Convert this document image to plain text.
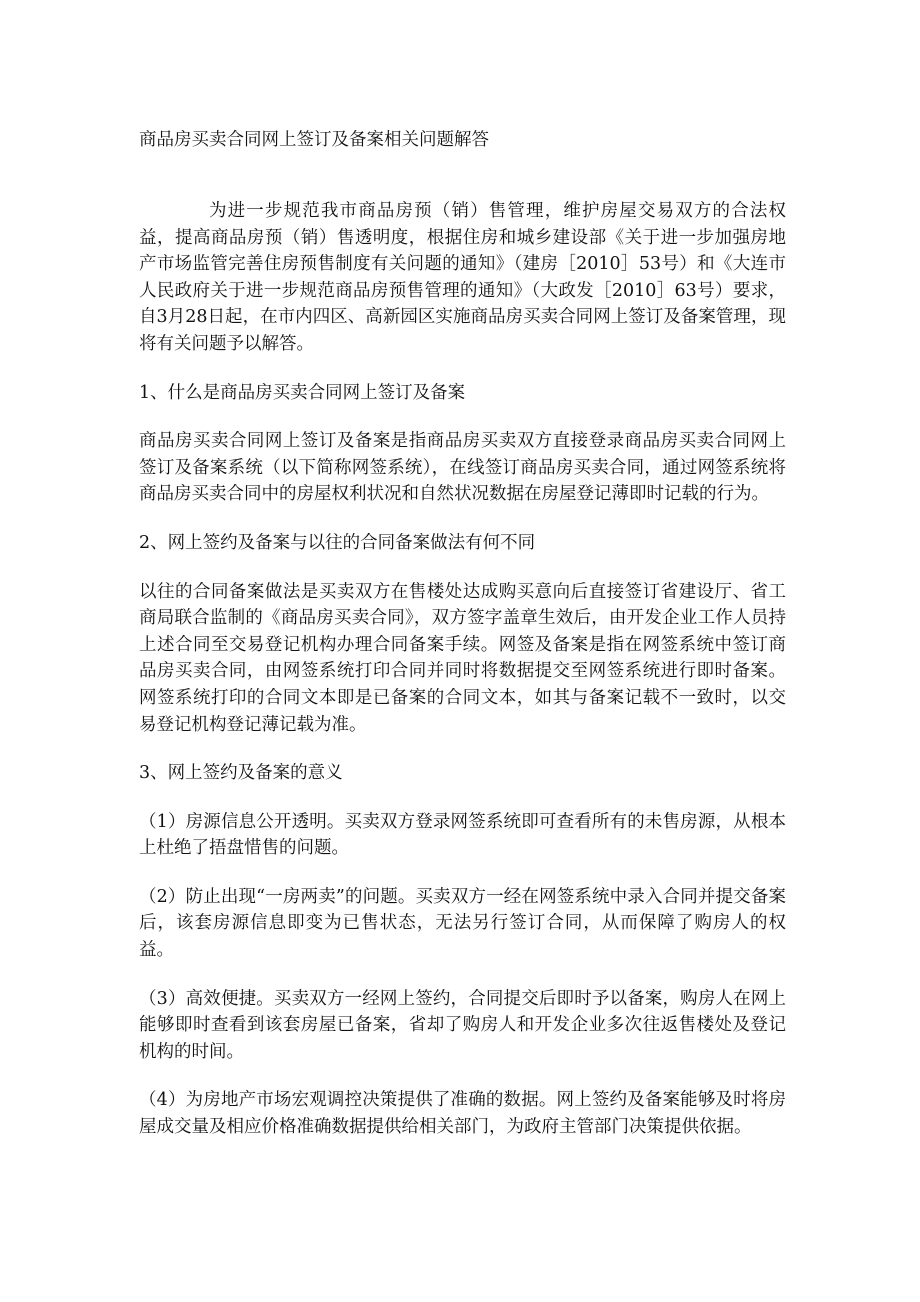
商品房买卖合同网上签订及备案相关问题解答

为进一步规范我市商品房预（销）售管理，维护房屋交易双方的合法权益，提高商品房预（销）售透明度，根据住房和城乡建设部《关于进一步加强房地产市场监管完善住房预售制度有关问题的通知》（建房［2010］53号）和《大连市人民政府关于进一步规范商品房预售管理的通知》（大政发［2010］63号）要求，自3月28日起，在市内四区、高新园区实施商品房买卖合同网上签订及备案管理，现将有关问题予以解答。

1、什么是商品房买卖合同网上签订及备案

商品房买卖合同网上签订及备案是指商品房买卖双方直接登录商品房买卖合同网上签订及备案系统（以下简称网签系统），在线签订商品房买卖合同，通过网签系统将商品房买卖合同中的房屋权利状况和自然状况数据在房屋登记薄即时记载的行为。

2、网上签约及备案与以往的合同备案做法有何不同

以往的合同备案做法是买卖双方在售楼处达成购买意向后直接签订省建设厅、省工商局联合监制的《商品房买卖合同》，双方签字盖章生效后，由开发企业工作人员持上述合同至交易登记机构办理合同备案手续。网签及备案是指在网签系统中签订商品房买卖合同，由网签系统打印合同并同时将数据提交至网签系统进行即时备案。网签系统打印的合同文本即是已备案的合同文本，如其与备案记载不一致时，以交易登记机构登记薄记载为准。

3、网上签约及备案的意义

（1）房源信息公开透明。买卖双方登录网签系统即可查看所有的未售房源，从根本上杜绝了捂盘惜售的问题。

（2）防止出现“一房两卖”的问题。买卖双方一经在网签系统中录入合同并提交备案后，该套房源信息即变为已售状态，无法另行签订合同，从而保障了购房人的权益。

（3）高效便捷。买卖双方一经网上签约，合同提交后即时予以备案，购房人在网上能够即时查看到该套房屋已备案，省却了购房人和开发企业多次往返售楼处及登记机构的时间。

（4）为房地产市场宏观调控决策提供了准确的数据。网上签约及备案能够及时将房屋成交量及相应价格准确数据提供给相关部门，为政府主管部门决策提供依据。
